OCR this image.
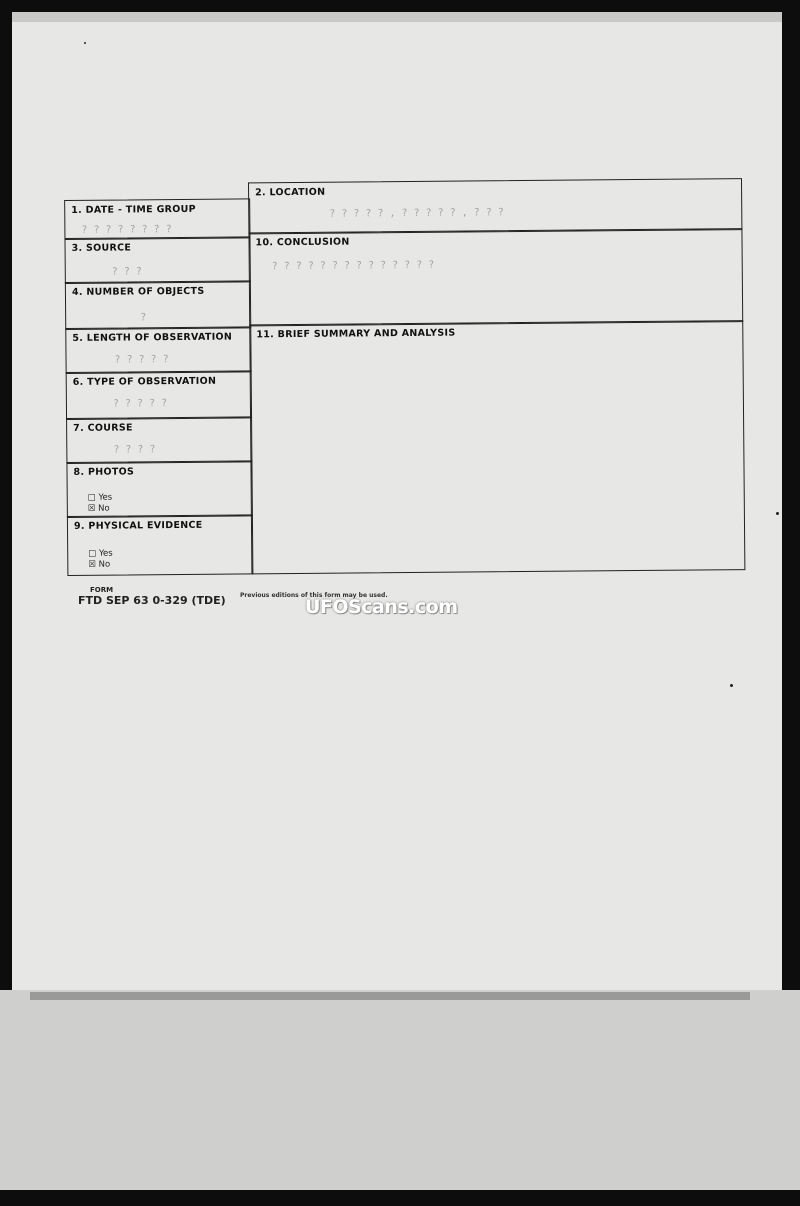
1. DATE - TIME GROUP
? ? ? ? ? ? ? ?
2. LOCATION
? ? ? ? ? , ? ? ? ? ? , ? ? ?
3. SOURCE
? ? ?
4. NUMBER OF OBJECTS
?
5. LENGTH OF OBSERVATION
? ? ? ? ?
6. TYPE OF OBSERVATION
? ? ? ? ?
7. COURSE
? ? ? ?
8. PHOTOS
□ Yes
☒ No
9. PHYSICAL EVIDENCE
□ Yes
☒ No
10. CONCLUSION
? ? ? ? ? ? ? ? ? ? ? ? ? ?
11. BRIEF SUMMARY AND ANALYSIS
FORM
FTD SEP 63 0-329 (TDE) Previous editions of this form may be used.
UFOScans.com
